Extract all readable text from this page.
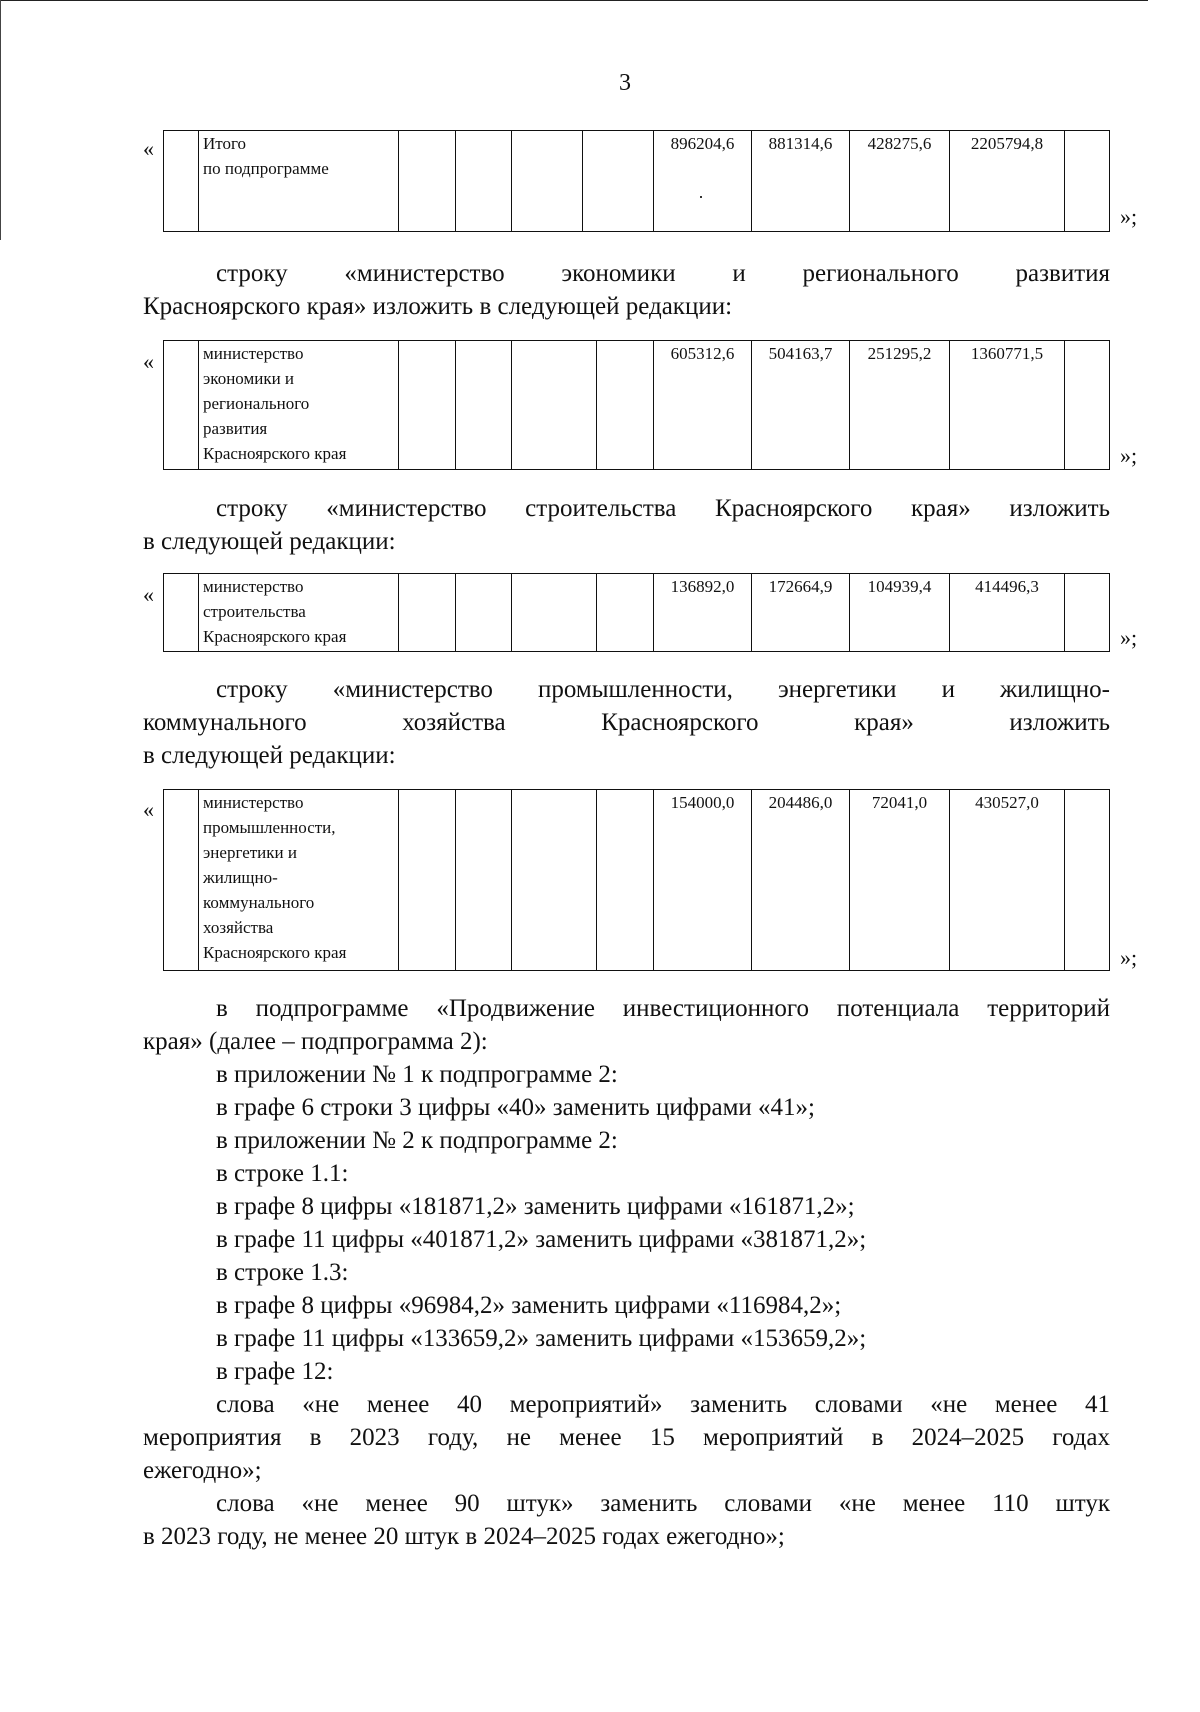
3
«
		Итого
по подпрограмме
					896204,6	881314,6	428275,6	2205794,8	
»;
строку «министерство экономики и регионального развития
Красноярского края» изложить в следующей редакции:
«
		министерство
экономики и
регионального
развития
Красноярского края
					605312,6	504163,7	251295,2	1360771,5	
»;
строку «министерство строительства Красноярского края» изложить
в следующей редакции:
«
		министерство
строительства
Красноярского края
					136892,0	172664,9	104939,4	414496,3	
»;
строку «министерство промышленности, энергетики и жилищно-
коммунального хозяйства Красноярского края» изложить
в следующей редакции:
«
		министерство
промышленности,
энергетики и
жилищно-
коммунального
хозяйства
Красноярского края
					154000,0	204486,0	72041,0	430527,0	
»;
в подпрограмме «Продвижение инвестиционного потенциала территорий
края» (далее – подпрограмма 2):
в приложении № 1 к подпрограмме 2:
в графе 6 строки 3 цифры «40» заменить цифрами «41»;
в приложении № 2 к подпрограмме 2:
в строке 1.1:
в графе 8 цифры «181871,2» заменить цифрами «161871,2»;
в графе 11 цифры «401871,2» заменить цифрами «381871,2»;
в строке 1.3:
в графе 8 цифры «96984,2» заменить цифрами «116984,2»;
в графе 11 цифры «133659,2» заменить цифрами «153659,2»;
в графе 12:
слова «не менее 40 мероприятий» заменить словами «не менее 41
мероприятия в 2023 году, не менее 15 мероприятий в 2024–2025 годах
ежегодно»;
слова «не менее 90 штук» заменить словами «не менее 110 штук
в 2023 году, не менее 20 штук в 2024–2025 годах ежегодно»;
